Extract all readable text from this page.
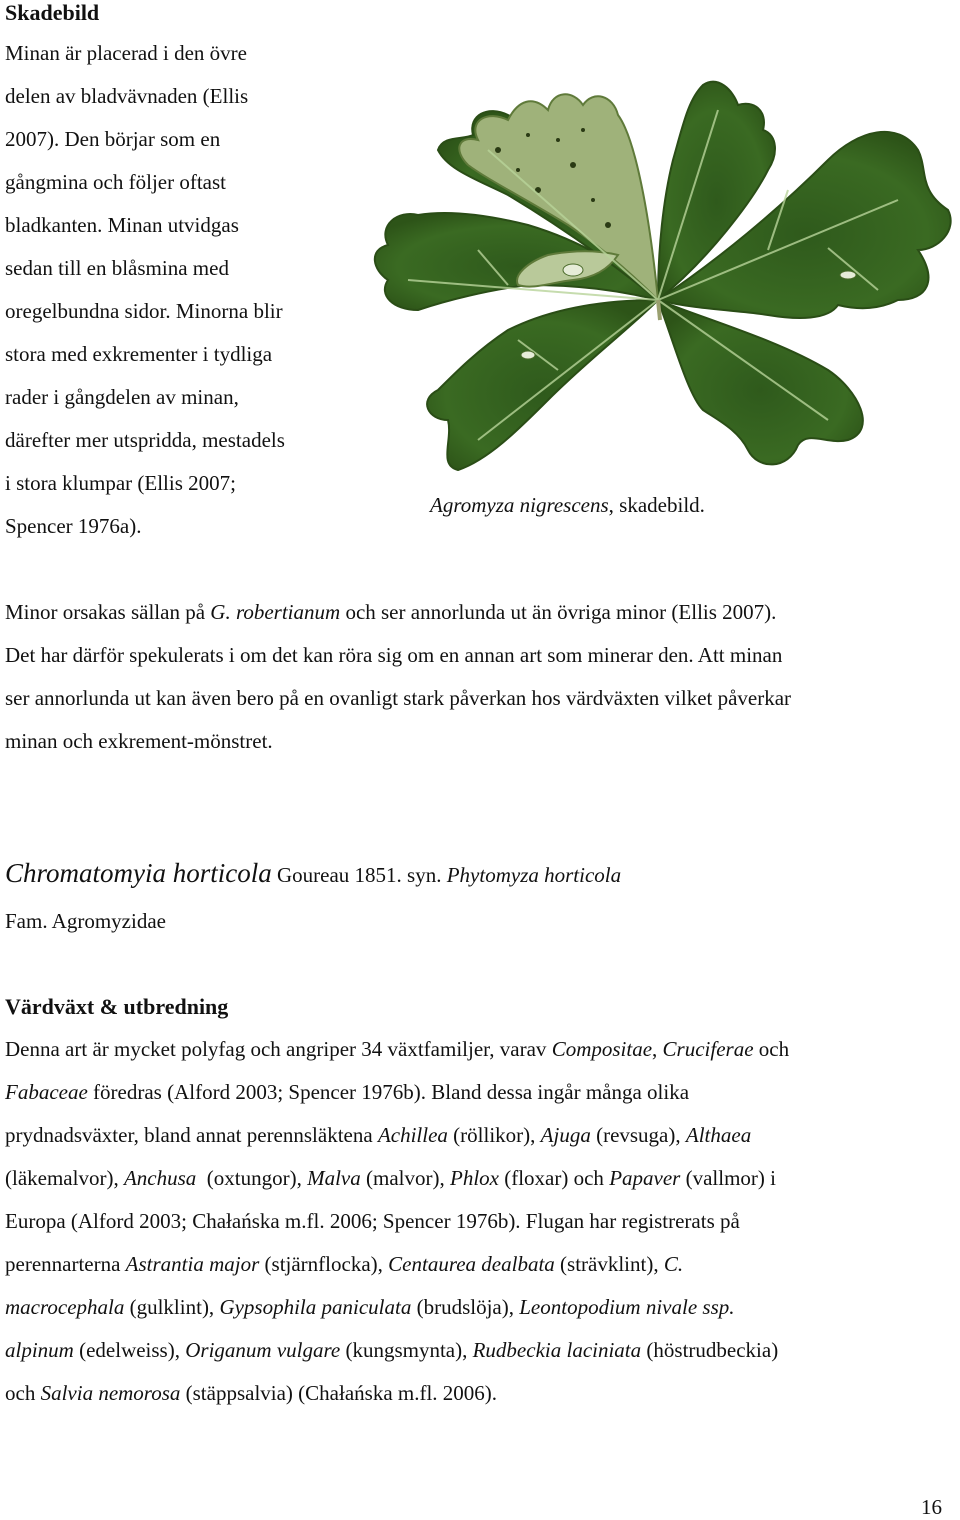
Skadebild
Minan är placerad i den övre
delen av bladvävnaden (Ellis
2007). Den börjar som en
gångmina och följer oftast
bladkanten. Minan utvidgas
sedan till en blåsmina med
oregelbundna sidor. Minorna blir
stora med exkrementer i tydliga
rader i gångdelen av minan,
därefter mer utspridda, mestadels
i stora klumpar (Ellis 2007;
Spencer 1976a).
Agromyza nigrescens, skadebild.
Minor orsakas sällan på G. robertianum och ser annorlunda ut än övriga minor (Ellis 2007).
Det har därför spekulerats i om det kan röra sig om en annan art som minerar den. Att minan
ser annorlunda ut kan även bero på en ovanligt stark påverkan hos värdväxten vilket påverkar
minan och exkrement-mönstret.
Chromatomyia horticola Goureau 1851. syn. Phytomyza horticola
Fam. Agromyzidae
Värdväxt & utbredning
Denna art är mycket polyfag och angriper 34 växtfamiljer, varav Compositae, Cruciferae och
Fabaceae föredras (Alford 2003; Spencer 1976b). Bland dessa ingår många olika
prydnadsväxter, bland annat perennsläktena Achillea (röllikor), Ajuga (revsuga), Althaea
(läkemalvor), Anchusa  (oxtungor), Malva (malvor), Phlox (floxar) och Papaver (vallmor) i
Europa (Alford 2003; Chałańska m.fl. 2006; Spencer 1976b). Flugan har registrerats på
perennarterna Astrantia major (stjärnflocka), Centaurea dealbata (strävklint), C.
macrocephala (gulklint), Gypsophila paniculata (brudslöja), Leontopodium nivale ssp.
alpinum (edelweiss), Origanum vulgare (kungsmynta), Rudbeckia laciniata (höstrudbeckia)
och Salvia nemorosa (stäppsalvia) (Chałańska m.fl. 2006).
16
